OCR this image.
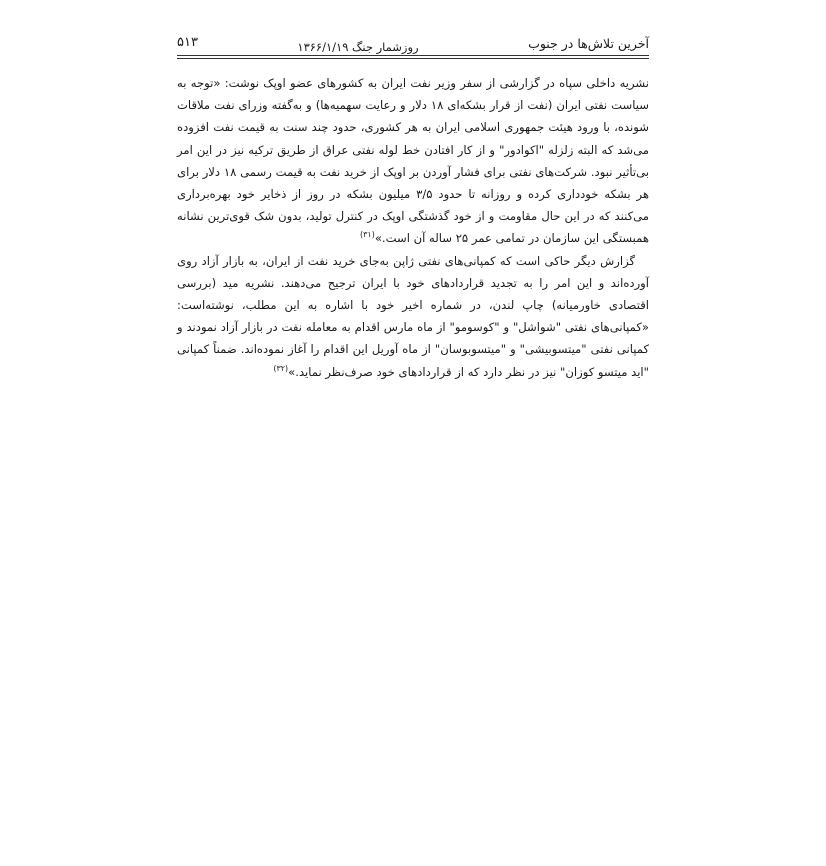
آخرین تلاش‌ها در جنوب
روزشمار جنگ ۱۳۶۶/۱/۱۹
۵۱۳

نشریه داخلی سپاه در گزارشی از سفر وزیر نفت ایران به کشورهای عضو اوپک نوشت: «توجه به سیاست نفتی ایران (نفت از قرار بشکه‌ای ۱۸ دلار و رعایت سهمیه‌ها) و به‌گفته وزرای نفت ملاقات شونده، با ورود هیئت جمهوری اسلامی ایران به هر کشوری، حدود چند سنت به قیمت نفت افزوده می‌شد که البته زلزله "اکوادور" و از کار افتادن خط لوله نفتی عراق از طریق ترکیه نیز در این امر بی‌تأثیر نبود. شرکت‌های نفتی برای فشار آوردن بر اوپک از خرید نفت به قیمت رسمی ۱۸ دلار برای هر بشکه خودداری کرده و روزانه تا حدود ۳/۵ میلیون بشکه در روز از ذخایر خود بهره‌برداری می‌کنند که در این حال مقاومت و از خود گذشتگی اوپک در کنترل تولید، بدون شک قوی‌ترین نشانه همبستگی این سازمان در تمامی عمر ۲۵ ساله آن است.»$^{(۳۱)}$

گزارش دیگر حاکی است که کمپانی‌های نفتی ژاپن به‌جای خرید نفت از ایران، به بازار آزاد روی آورده‌اند و این امر را به تجدید قراردادهای خود با ایران ترجیح می‌دهند. نشریه مید (بررسی اقتصادی خاورمیانه) چاپ لندن، در شماره اخیر خود با اشاره به این مطلب، نوشته‌است: «کمپانی‌های نفتی "شواشل" و "کوسومو" از ماه مارس اقدام به معامله نفت در بازار آزاد نمودند و کمپانی نفتی "میتسوبیشی" و "میتسوبوسان" از ماه آوریل این اقدام را آغاز نموده‌اند. ضمناً کمپانی "اید میتسو کوزان" نیز در نظر دارد که از قراردادهای خود صرف‌نظر نماید.»$^{(۳۲)}$
